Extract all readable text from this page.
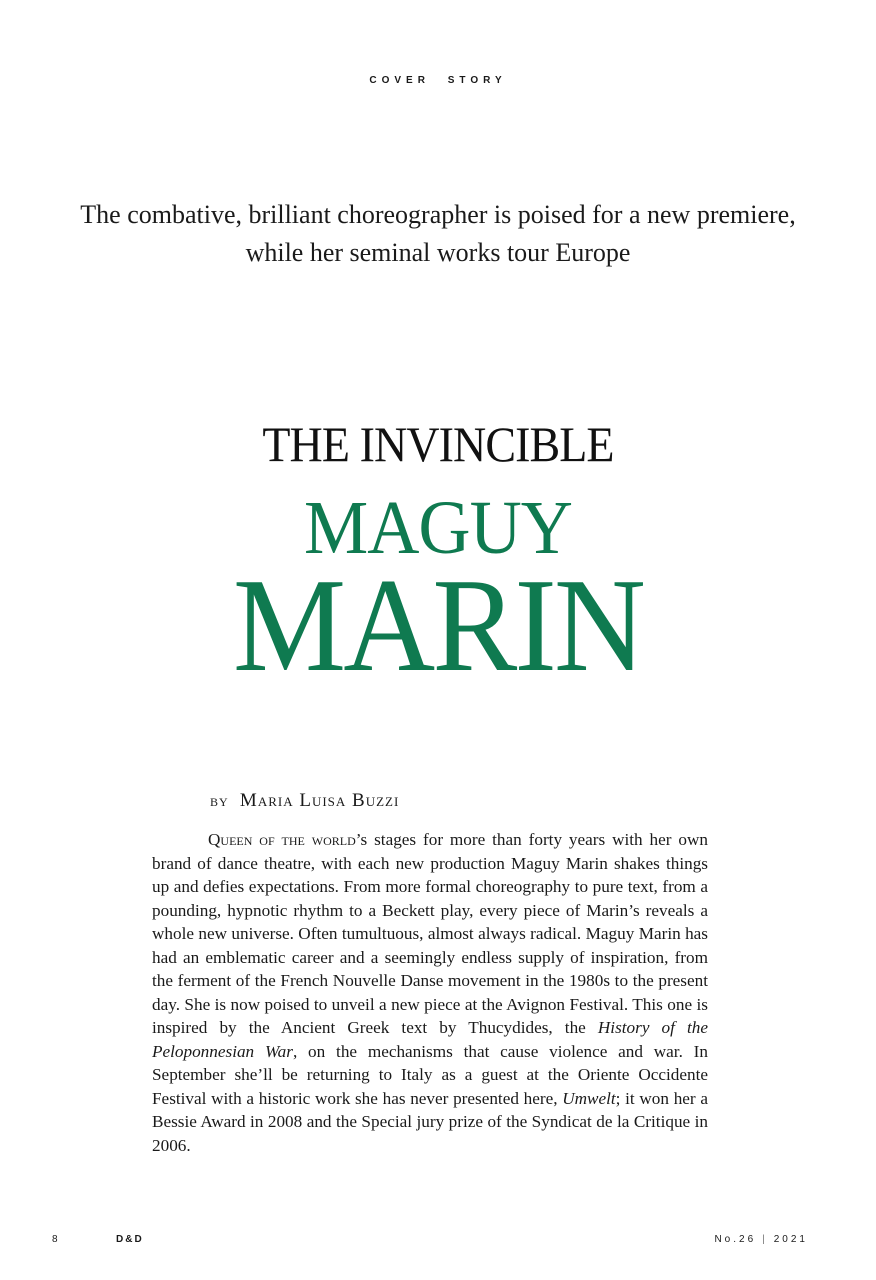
COVER STORY
The combative, brilliant choreographer is poised for a new premiere,
while her seminal works tour Europe
THE INVINCIBLE
MAGUY
MARIN
by Maria Luisa Buzzi

Queen of the world’s stages for more than forty years with her own brand of dance theatre, with each new production Maguy Marin shakes things up and defies expectations. From more formal choreography to pure text, from a pounding, hypnotic rhythm to a Beckett play, every piece of Marin’s reveals a whole new universe. Often tumultuous, almost always radical. Maguy Marin has had an emblematic career and a seemingly endless supply of inspiration, from the ferment of the French Nouvelle Danse movement in the 1980s to the present day. She is now poised to unveil a new piece at the Avignon Festival. This one is inspired by the Ancient Greek text by Thucydides, the History of the Peloponnesian War, on the mechanisms that cause violence and war. In September she’ll be returning to Italy as a guest at the Oriente Occidente Festival with a historic work she has never presented here, Umwelt; it won her a Bessie Award in 2008 and the Special jury prize of the Syndicat de la Critique in 2006.

8	D&D	No.26 | 2021
